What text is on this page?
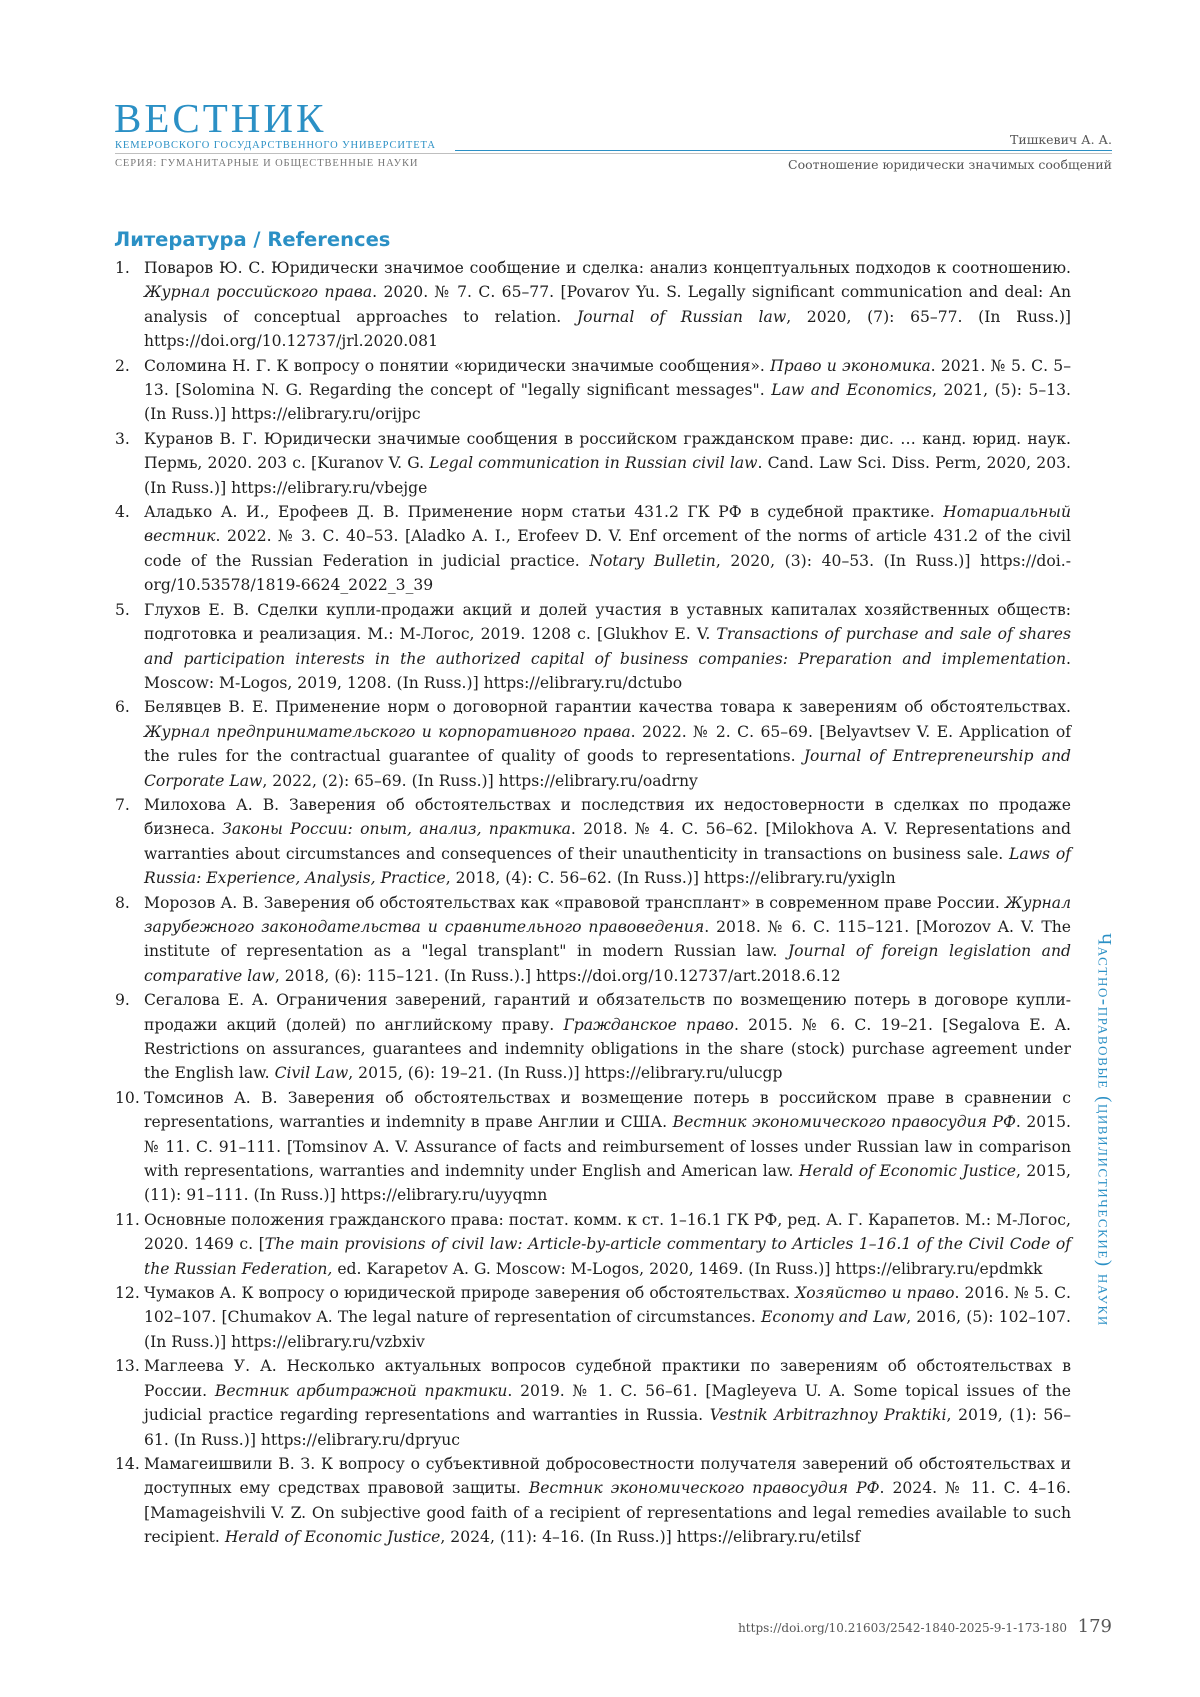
ВЕСТНИК
КЕМЕРОВСКОГО ГОСУДАРСТВЕННОГО УНИВЕРСИТЕТА
СЕРИЯ: ГУМАНИТАРНЫЕ И ОБЩЕСТВЕННЫЕ НАУКИ
Тишкевич А. А.
Соотношение юридически значимых сообщений
Литература / References
1. Поваров Ю. С. Юридически значимое сообщение и сделка: анализ концептуальных подходов к соотношению. Журнал российского права. 2020. № 7. С. 65–77. [Povarov Yu. S. Legally significant communication and deal: An analysis of conceptual approaches to relation. Journal of Russian law, 2020, (7): 65–77. (In Russ.)] https://doi.org/10.12737/jrl.2020.081
2. Соломина Н. Г. К вопросу о понятии «юридически значимые сообщения». Право и экономика. 2021. № 5. С. 5–13. [Solomina N. G. Regarding the concept of "legally significant messages". Law and Economics, 2021, (5): 5–13. (In Russ.)] https://elibrary.ru/orijpc
3. Куранов В. Г. Юридически значимые сообщения в российском гражданском праве: дис. … канд. юрид. наук. Пермь, 2020. 203 с. [Kuranov V. G. Legal communication in Russian civil law. Cand. Law Sci. Diss. Perm, 2020, 203. (In Russ.)] https://elibrary.ru/vbejge
4. Аладько А. И., Ерофеев Д. В. Применение норм статьи 431.2 ГК РФ в судебной практике. Нотариальный вестник. 2022. № 3. С. 40–53. [Aladko A. I., Erofeev D. V. Enf orcement of the norms of article 431.2 of the civil code of the Russian Federation in judicial practice. Notary Bulletin, 2020, (3): 40–53. (In Russ.)] https://doi.org/10.53578/1819-6624_2022_3_39
5. Глухов Е. В. Сделки купли-продажи акций и долей участия в уставных капиталах хозяйственных обществ: подготовка и реализация. М.: М-Логос, 2019. 1208 с. [Glukhov E. V. Transactions of purchase and sale of shares and participation interests in the authorized capital of business companies: Preparation and implementation. Moscow: M-Logos, 2019, 1208. (In Russ.)] https://elibrary.ru/dctubo
6. Белявцев В. Е. Применение норм о договорной гарантии качества товара к заверениям об обстоятельствах. Журнал предпринимательского и корпоративного права. 2022. № 2. С. 65–69. [Belyavtsev V. E. Application of the rules for the contractual guarantee of quality of goods to representations. Journal of Entrepreneurship and Corporate Law, 2022, (2): 65–69. (In Russ.)] https://elibrary.ru/oadrny
7. Милохова А. В. Заверения об обстоятельствах и последствия их недостоверности в сделках по продаже бизнеса. Законы России: опыт, анализ, практика. 2018. № 4. С. 56–62. [Milokhova A. V. Representations and warranties about circumstances and consequences of their unauthenticity in transactions on business sale. Laws of Russia: Experience, Analysis, Practice, 2018, (4): С. 56–62. (In Russ.)] https://elibrary.ru/yxigln
8. Морозов А. В. Заверения об обстоятельствах как «правовой трансплант» в современном праве России. Журнал зарубежного законодательства и сравнительного правоведения. 2018. № 6. С. 115–121. [Morozov A. V. The institute of representation as a "legal transplant" in modern Russian law. Journal of foreign legislation and comparative law, 2018, (6): 115–121. (In Russ.).] https://doi.org/10.12737/art.2018.6.12
9. Сегалова Е. А. Ограничения заверений, гарантий и обязательств по возмещению потерь в договоре купли-продажи акций (долей) по английскому праву. Гражданское право. 2015. № 6. С. 19–21. [Segalova E. A. Restrictions on assurances, guarantees and indemnity obligations in the share (stock) purchase agreement under the English law. Civil Law, 2015, (6): 19–21. (In Russ.)] https://elibrary.ru/ulucgp
10. Томсинов А. В. Заверения об обстоятельствах и возмещение потерь в российском праве в сравнении с representations, warranties и indemnity в праве Англии и США. Вестник экономического правосудия РФ. 2015. № 11. С. 91–111. [Tomsinov A. V. Assurance of facts and reimbursement of losses under Russian law in comparison with representations, warranties and indemnity under English and American law. Herald of Economic Justice, 2015, (11): 91–111. (In Russ.)] https://elibrary.ru/uyyqmn
11. Основные положения гражданского права: постат. комм. к ст. 1–16.1 ГК РФ, ред. А. Г. Карапетов. М.: М-Логос, 2020. 1469 с. [The main provisions of civil law: Article-by-article commentary to Articles 1–16.1 of the Civil Code of the Russian Federation, ed. Karapetov A. G. Moscow: M-Logos, 2020, 1469. (In Russ.)] https://elibrary.ru/epdmkk
12. Чумаков А. К вопросу о юридической природе заверения об обстоятельствах. Хозяйство и право. 2016. № 5. С. 102–107. [Chumakov A. The legal nature of representation of circumstances. Economy and Law, 2016, (5): 102–107. (In Russ.)] https://elibrary.ru/vzbxiv
13. Маглеева У. А. Несколько актуальных вопросов судебной практики по заверениям об обстоятельствах в России. Вестник арбитражной практики. 2019. № 1. С. 56–61. [Magleyeva U. A. Some topical issues of the judicial practice regarding representations and warranties in Russia. Vestnik Arbitrazhnoy Praktiki, 2019, (1): 56–61. (In Russ.)] https://elibrary.ru/dpryuc
14. Мамагеишвили В. З. К вопросу о субъективной добросовестности получателя заверений об обстоятельствах и доступных ему средствах правовой защиты. Вестник экономического правосудия РФ. 2024. № 11. С. 4–16. [Mamageishvili V. Z. On subjective good faith of a recipient of representations and legal remedies available to such recipient. Herald of Economic Justice, 2024, (11): 4–16. (In Russ.)] https://elibrary.ru/etilsf
Частно-правовые (цивилистические) науки
https://doi.org/10.21603/2542-1840-2025-9-1-173-180 179
